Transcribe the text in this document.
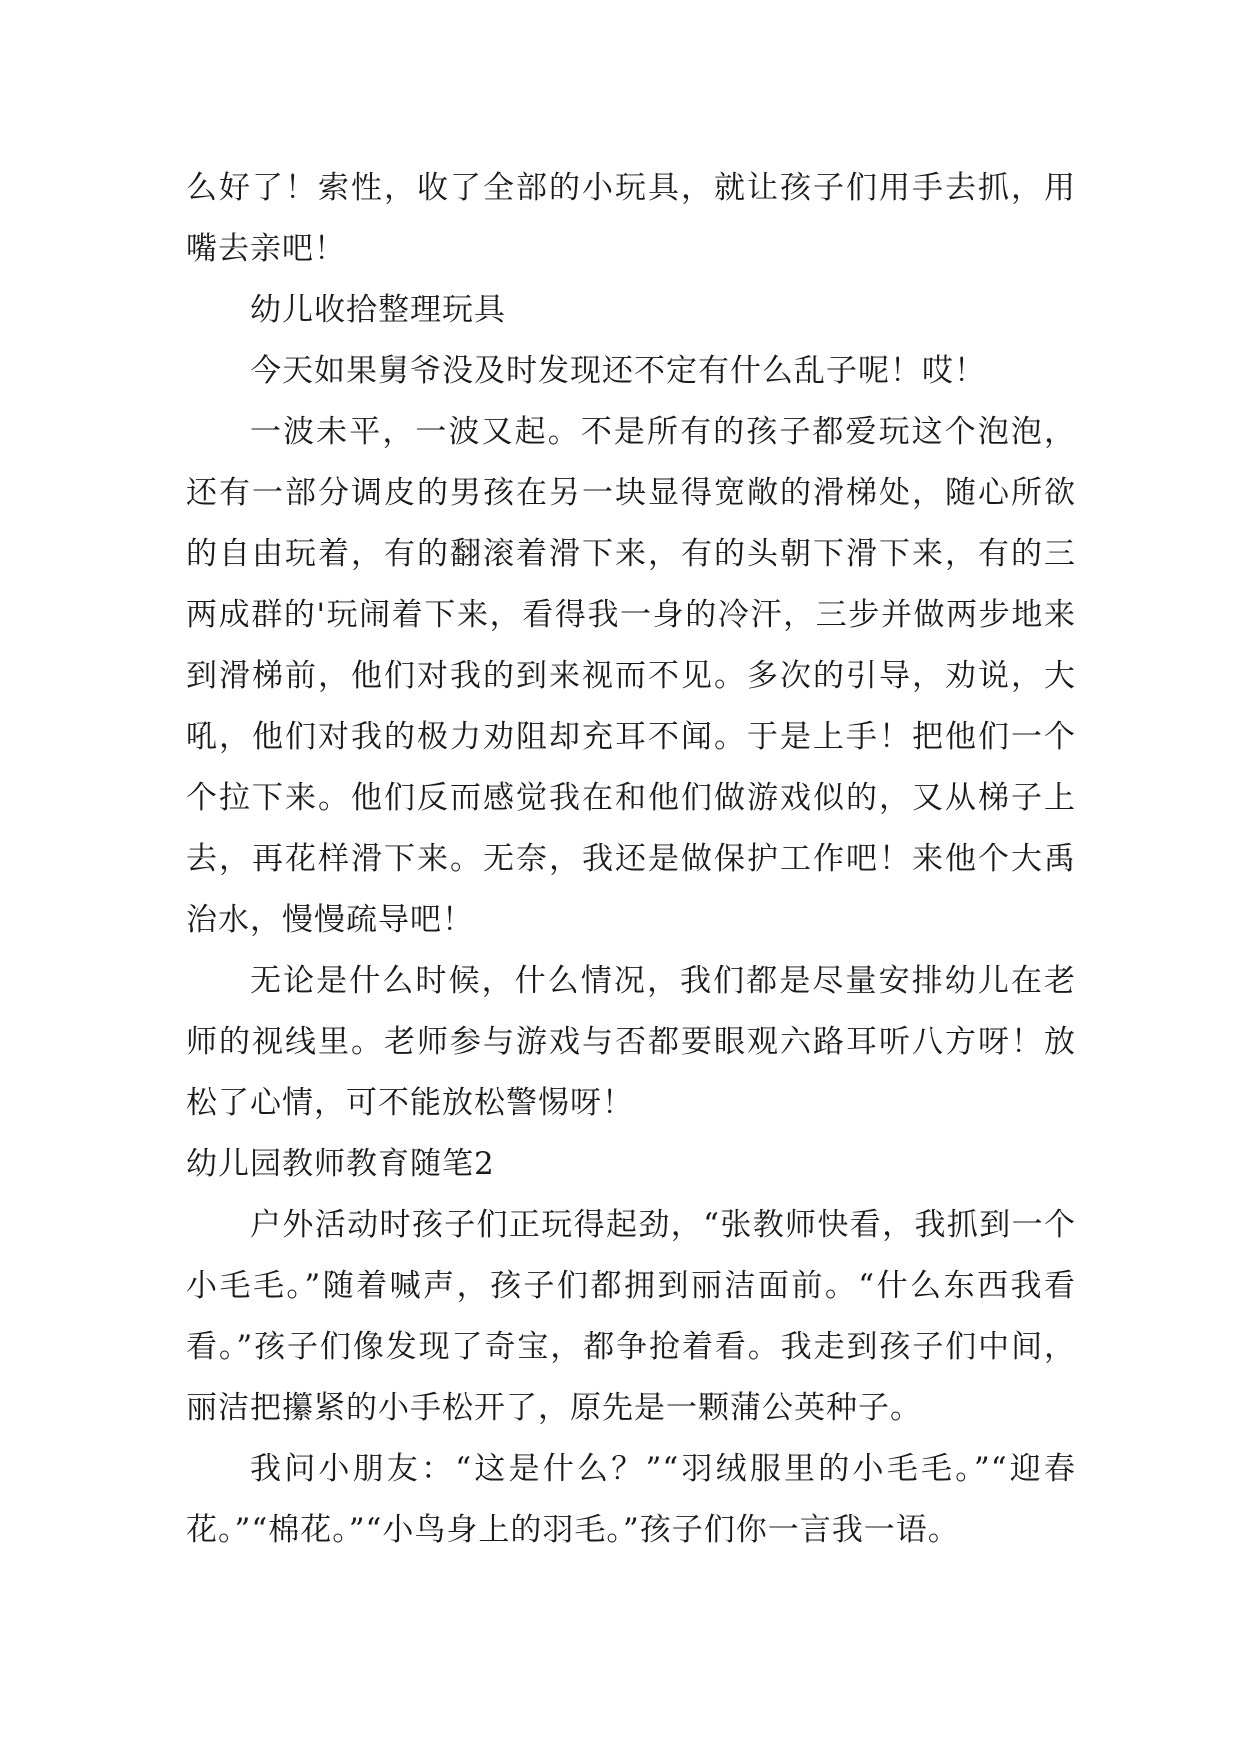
么好了！索性，收了全部的小玩具，就让孩子们用手去抓，用嘴去亲吧！

幼儿收拾整理玩具

今天如果舅爷没及时发现还不定有什么乱子呢！哎！

一波未平，一波又起。不是所有的孩子都爱玩这个泡泡，还有一部分调皮的男孩在另一块显得宽敞的滑梯处，随心所欲的自由玩着，有的翻滚着滑下来，有的头朝下滑下来，有的三两成群的'玩闹着下来，看得我一身的冷汗，三步并做两步地来到滑梯前，他们对我的到来视而不见。多次的引导，劝说，大吼，他们对我的极力劝阻却充耳不闻。于是上手！把他们一个个拉下来。他们反而感觉我在和他们做游戏似的，又从梯子上去，再花样滑下来。无奈，我还是做保护工作吧！来他个大禹治水，慢慢疏导吧！

无论是什么时候，什么情况，我们都是尽量安排幼儿在老师的视线里。老师参与游戏与否都要眼观六路耳听八方呀！放松了心情，可不能放松警惕呀！

幼儿园教师教育随笔2

户外活动时孩子们正玩得起劲，“张教师快看，我抓到一个小毛毛。”随着喊声，孩子们都拥到丽洁面前。“什么东西我看看。”孩子们像发现了奇宝，都争抢着看。我走到孩子们中间，丽洁把攥紧的小手松开了，原先是一颗蒲公英种子。

我问小朋友：“这是什么？”“羽绒服里的小毛毛。”“迎春花。”“棉花。”“小鸟身上的羽毛。”孩子们你一言我一语。
